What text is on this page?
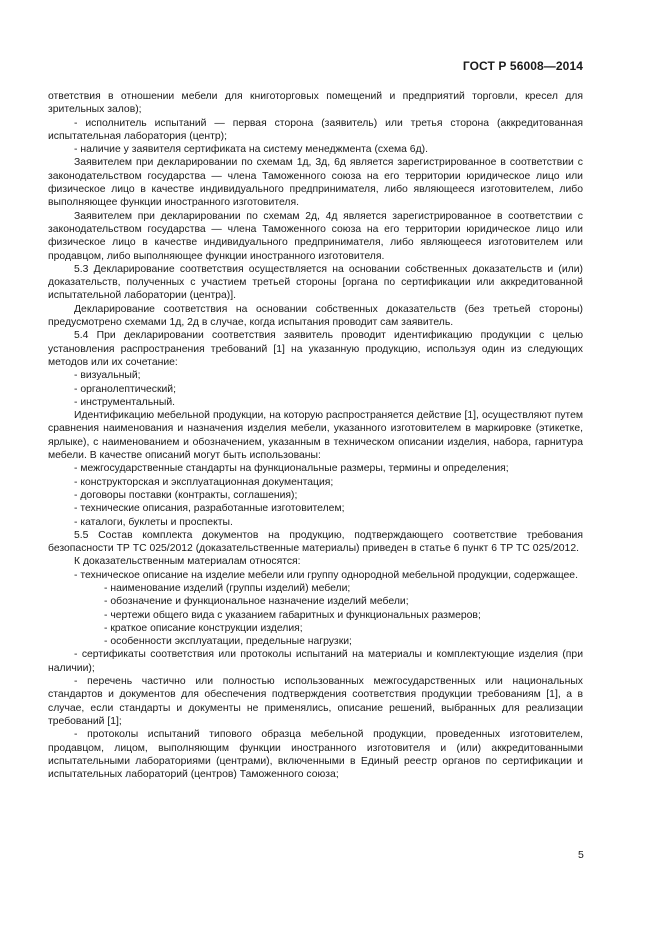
ГОСТ Р 56008—2014

ответствия в отношении мебели для книготорговых помещений и предприятий торговли, кресел для зрительных залов);

- исполнитель испытаний — первая сторона (заявитель) или третья сторона (аккредитованная испытательная лаборатория (центр);

- наличие у заявителя сертификата на систему менеджмента (схема 6д).

Заявителем при декларировании по схемам 1д, 3д, 6д является зарегистрированное в соответствии с законодательством государства — члена Таможенного союза на его территории юридическое лицо или физическое лицо в качестве индивидуального предпринимателя, либо являющееся изготовителем, либо выполняющее функции иностранного изготовителя.

Заявителем при декларировании по схемам 2д, 4д является зарегистрированное в соответствии с законодательством государства — члена Таможенного союза на его территории юридическое лицо или физическое лицо в качестве индивидуального предпринимателя, либо являющееся изготовителем или продавцом, либо выполняющее функции иностранного изготовителя.

5.3 Декларирование соответствия осуществляется на основании собственных доказательств и (или) доказательств, полученных с участием третьей стороны [органа по сертификации или аккредитованной испытательной лаборатории (центра)].

Декларирование соответствия на основании собственных доказательств (без третьей стороны) предусмотрено схемами 1д, 2д в случае, когда испытания проводит сам заявитель.

5.4 При декларировании соответствия заявитель проводит идентификацию продукции с целью установления распространения требований [1] на указанную продукцию, используя один из следующих методов или их сочетание:

- визуальный;

- органолептический;

- инструментальный.

Идентификацию мебельной продукции, на которую распространяется действие [1], осуществляют путем сравнения наименования и назначения изделия мебели, указанного изготовителем в маркировке (этикетке, ярлыке), с наименованием и обозначением, указанным в техническом описании изделия, набора, гарнитура мебели. В качестве описаний могут быть использованы:

- межгосударственные стандарты на функциональные размеры, термины и определения;

- конструкторская и эксплуатационная документация;

- договоры поставки (контракты, соглашения);

- технические описания, разработанные изготовителем;

- каталоги, буклеты и проспекты.

5.5 Состав комплекта документов на продукцию, подтверждающего соответствие требования безопасности ТР ТС 025/2012 (доказательственные материалы) приведен в статье 6 пункт 6 ТР ТС 025/2012.

К доказательственным материалам относятся:

- техническое описание на изделие мебели или группу однородной мебельной продукции, содержащее.

- наименование изделий (группы изделий) мебели;

- обозначение и функциональное назначение изделий мебели;

- чертежи общего вида с указанием габаритных и функциональных размеров;

- краткое описание конструкции изделия;

- особенности эксплуатации, предельные нагрузки;

- сертификаты соответствия или протоколы испытаний на материалы и комплектующие изделия (при наличии);

- перечень частично или полностью использованных межгосударственных или национальных стандартов и документов для обеспечения подтверждения соответствия продукции требованиям [1], а в случае, если стандарты и документы не применялись, описание решений, выбранных для реализации требований [1];

- протоколы испытаний типового образца мебельной продукции, проведенных изготовителем, продавцом, лицом, выполняющим функции иностранного изготовителя и (или) аккредитованными испытательными лабораториями (центрами), включенными в Единый реестр органов по сертификации и испытательных лабораторий (центров) Таможенного союза;

5
